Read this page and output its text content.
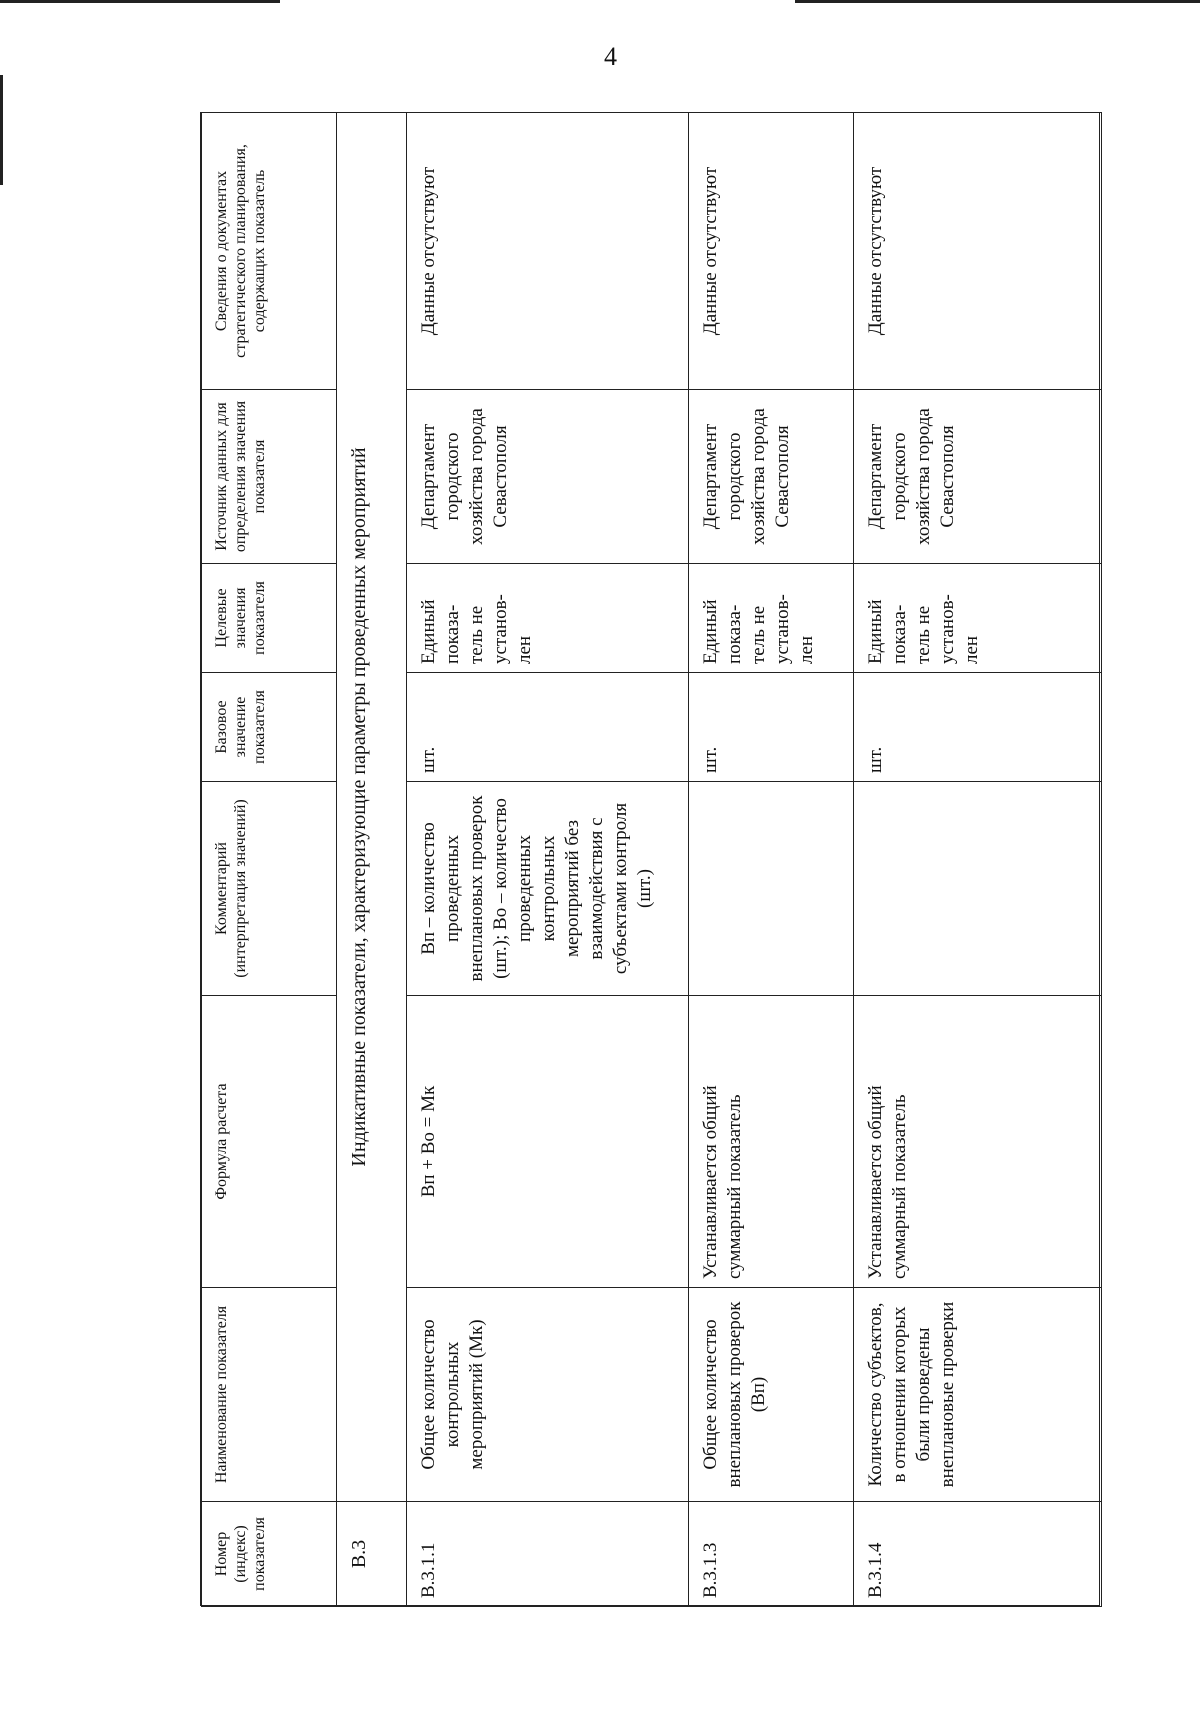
4
Номер (индекс) показателя	Наименование показателя	Формула расчета	Комментарий (интерпретация значений)	Базовое значение показателя	Целевые значения показателя	Источник данных для определения значения показателя	Сведения о документах стратегического планирования, содержащих показатель
В.3	Индикативные показатели, характеризующие параметры проведенных мероприятий						
В.3.1.1	Общее количество контрольных мероприятий (Мк)	Вп + Во = Мк	Вп – количество проведенных внеплановых проверок (шт.); Во – количество проведенных контрольных мероприятий без взаимодействия с субъектами контроля (шт.)	шт.	Единый показа-тель не установ-лен	Департамент городского хозяйства города Севастополя	Данные отсутствуют
В.3.1.3	Общее количество внеплановых проверок (Вп)	Устанавливается общий суммарный показатель		шт.	Единый показа-тель не установ-лен	Департамент городского хозяйства города Севастополя	Данные отсутствуют
В.3.1.4	Количество субъектов, в отношении которых были проведены внеплановые проверки	Устанавливается общий суммарный показатель		шт.	Единый показа-тель не установ-лен	Департамент городского хозяйства города Севастополя	Данные отсутствуют
